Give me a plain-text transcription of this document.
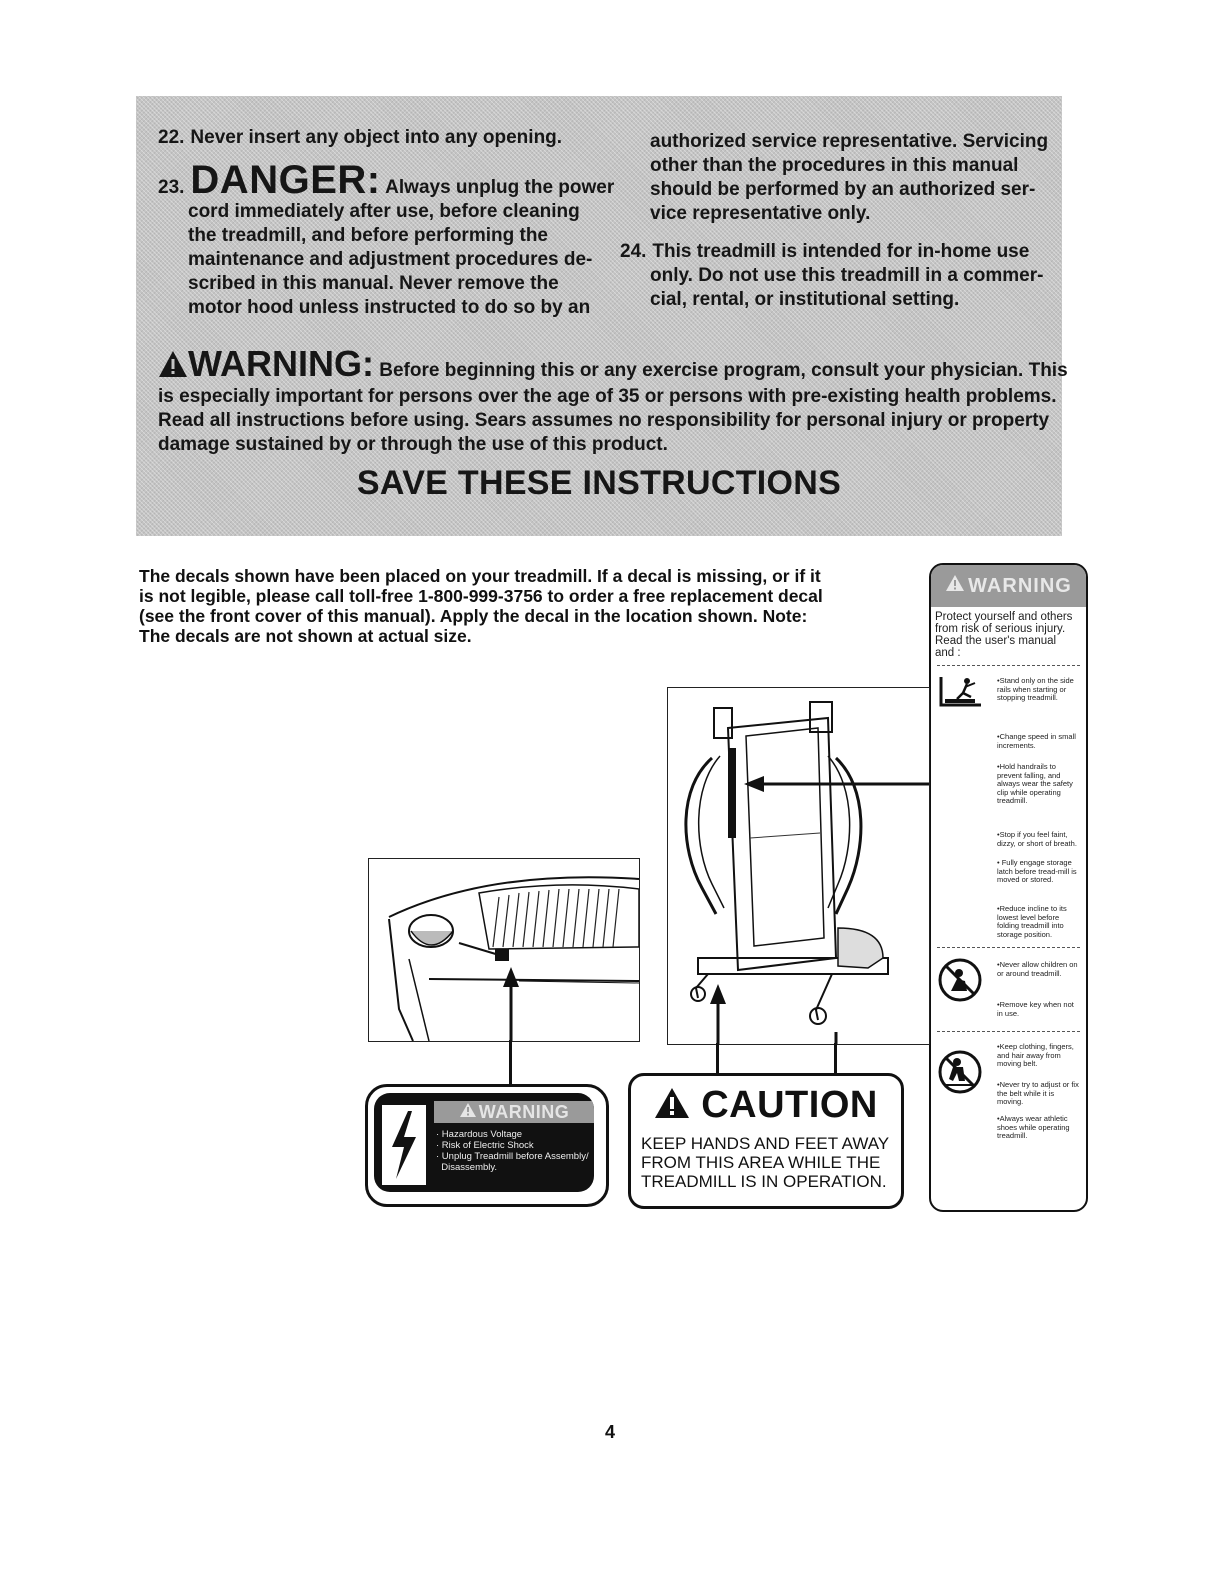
22. Never insert any object into any opening.
23. DANGER: Always unplug the power
cord immediately after use, before cleaning
the treadmill, and before performing the
maintenance and adjustment procedures de-
scribed in this manual. Never remove the
motor hood unless instructed to do so by an
authorized service representative. Servicing
other than the procedures in this manual
should be performed by an authorized ser-
vice representative only.
24. This treadmill is intended for in-home use
only. Do not use this treadmill in a commer-
cial, rental, or institutional setting.
WARNING: Before beginning this or any exercise program, consult your physician. This
is especially important for persons over the age of 35 or persons with pre-existing health problems.
Read all instructions before using. Sears assumes no responsibility for personal injury or property
damage sustained by or through the use of this product.
SAVE THESE INSTRUCTIONS
The decals shown have been placed on your treadmill. If a decal is missing, or if it
is not legible, please call toll-free 1-800-999-3756 to order a free replacement decal
(see the front cover of this manual). Apply the decal in the location shown. Note:
The decals are not shown at actual size.
WARNING
Protect yourself and others from risk of serious injury. Read the user's manual and :
•Stand only on the side rails when starting or stopping treadmill.
•Change speed in small increments.
•Hold handrails to prevent falling, and always wear the safety clip while operating treadmill.
•Stop if you feel faint, dizzy, or short of breath.
• Fully engage storage latch before tread-mill is moved or stored.
•Reduce incline to its lowest level before folding treadmill into storage position.
•Never allow children on or around treadmill.
•Remove key when not in use.
•Keep clothing, fingers, and hair away from moving belt.
•Never try to adjust or fix the belt while it is moving.
•Always wear athletic shoes while operating treadmill.
WARNING
· Hazardous Voltage
· Risk of Electric Shock
· Unplug Treadmill before Assembly/
Disassembly.
CAUTION
KEEP HANDS AND FEET AWAY
FROM THIS AREA WHILE THE
TREADMILL IS IN OPERATION.
4
